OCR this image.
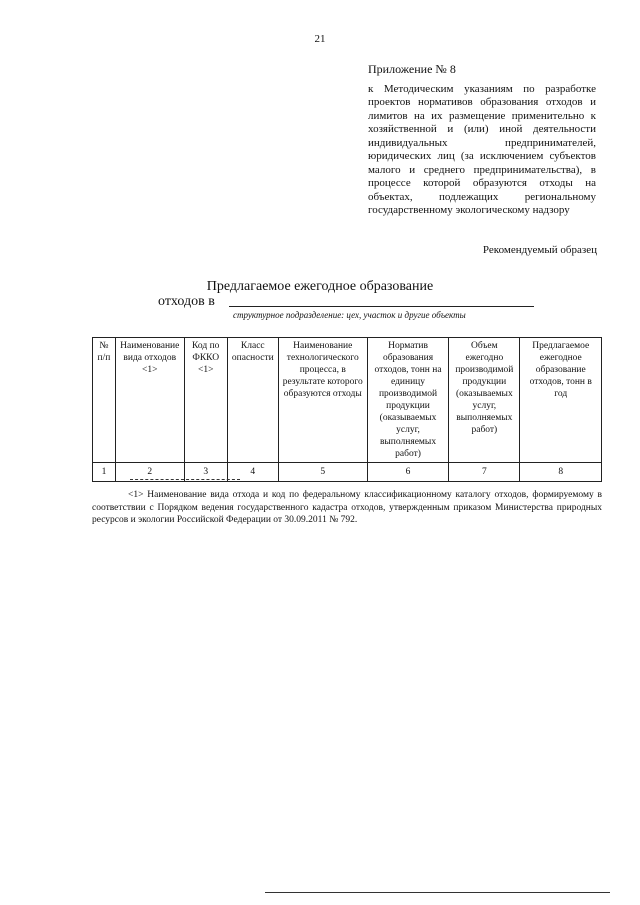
21
Приложение № 8

к Методическим указаниям по разработке проектов нормативов образования отходов и лимитов на их размещение применительно к хозяйственной и (или) иной деятельности индивидуальных предпринимателей, юридических лиц (за исключением субъектов малого и среднего предпринимательства), в процессе которой образуются отходы на объектах, подлежащих региональному государственному экологическому надзору

Рекомендуемый образец
Предлагаемое ежегодное образование
отходов в
структурное подразделение: цех, участок и другие объекты
№ п/п	Наименование вида отходов <1>	Код по ФККО <1>	Класс опасности	Наименование технологического процесса, в результате которого образуются отходы	Норматив образования отходов, тонн на единицу производимой продукции (оказываемых услуг, выполняемых работ)	Объем ежегодно производимой продукции (оказываемых услуг, выполняемых работ)	Предлагаемое ежегодное образование отходов, тонн в год
1	2	3	4	5	6	7	8

<1> Наименование вида отхода и код по федеральному классификационному каталогу отходов, формируемому в соответствии с Порядком ведения государственного кадастра отходов, утвержденным приказом Министерства природных ресурсов и экологии Российской Федерации от 30.09.2011 № 792.
